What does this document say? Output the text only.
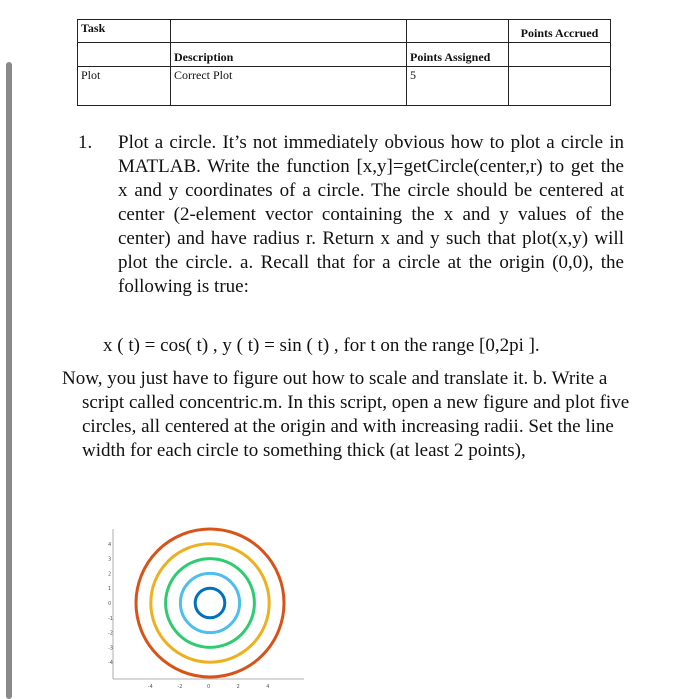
Task			Points Accrued
	Description	Points Assigned	
Plot	Correct Plot	5	

1. Plot a circle. It’s not immediately obvious how to plot a circle in MATLAB. Write the function [x,y]=getCircle(center,r) to get the x and y coordinates of a circle. The circle should be centered at center (2-element vector containing the x and y values of the center) and have radius r. Return x and y such that plot(x,y) will plot the circle. a. Recall that for a circle at the origin (0,0), the following is true:

x ( t) = cos( t) , y ( t) = sin ( t) , for t on the range [0,2pi ].

Now, you just have to figure out how to scale and translate it. b. Write a script called concentric.m. In this script, open a new figure and plot five circles, all centered at the origin and with increasing radii. Set the line width for each circle to something thick (at least 2 points),

4
3
2
1
0
-1
-2
-3
-4
-4	-2	0	2	4
